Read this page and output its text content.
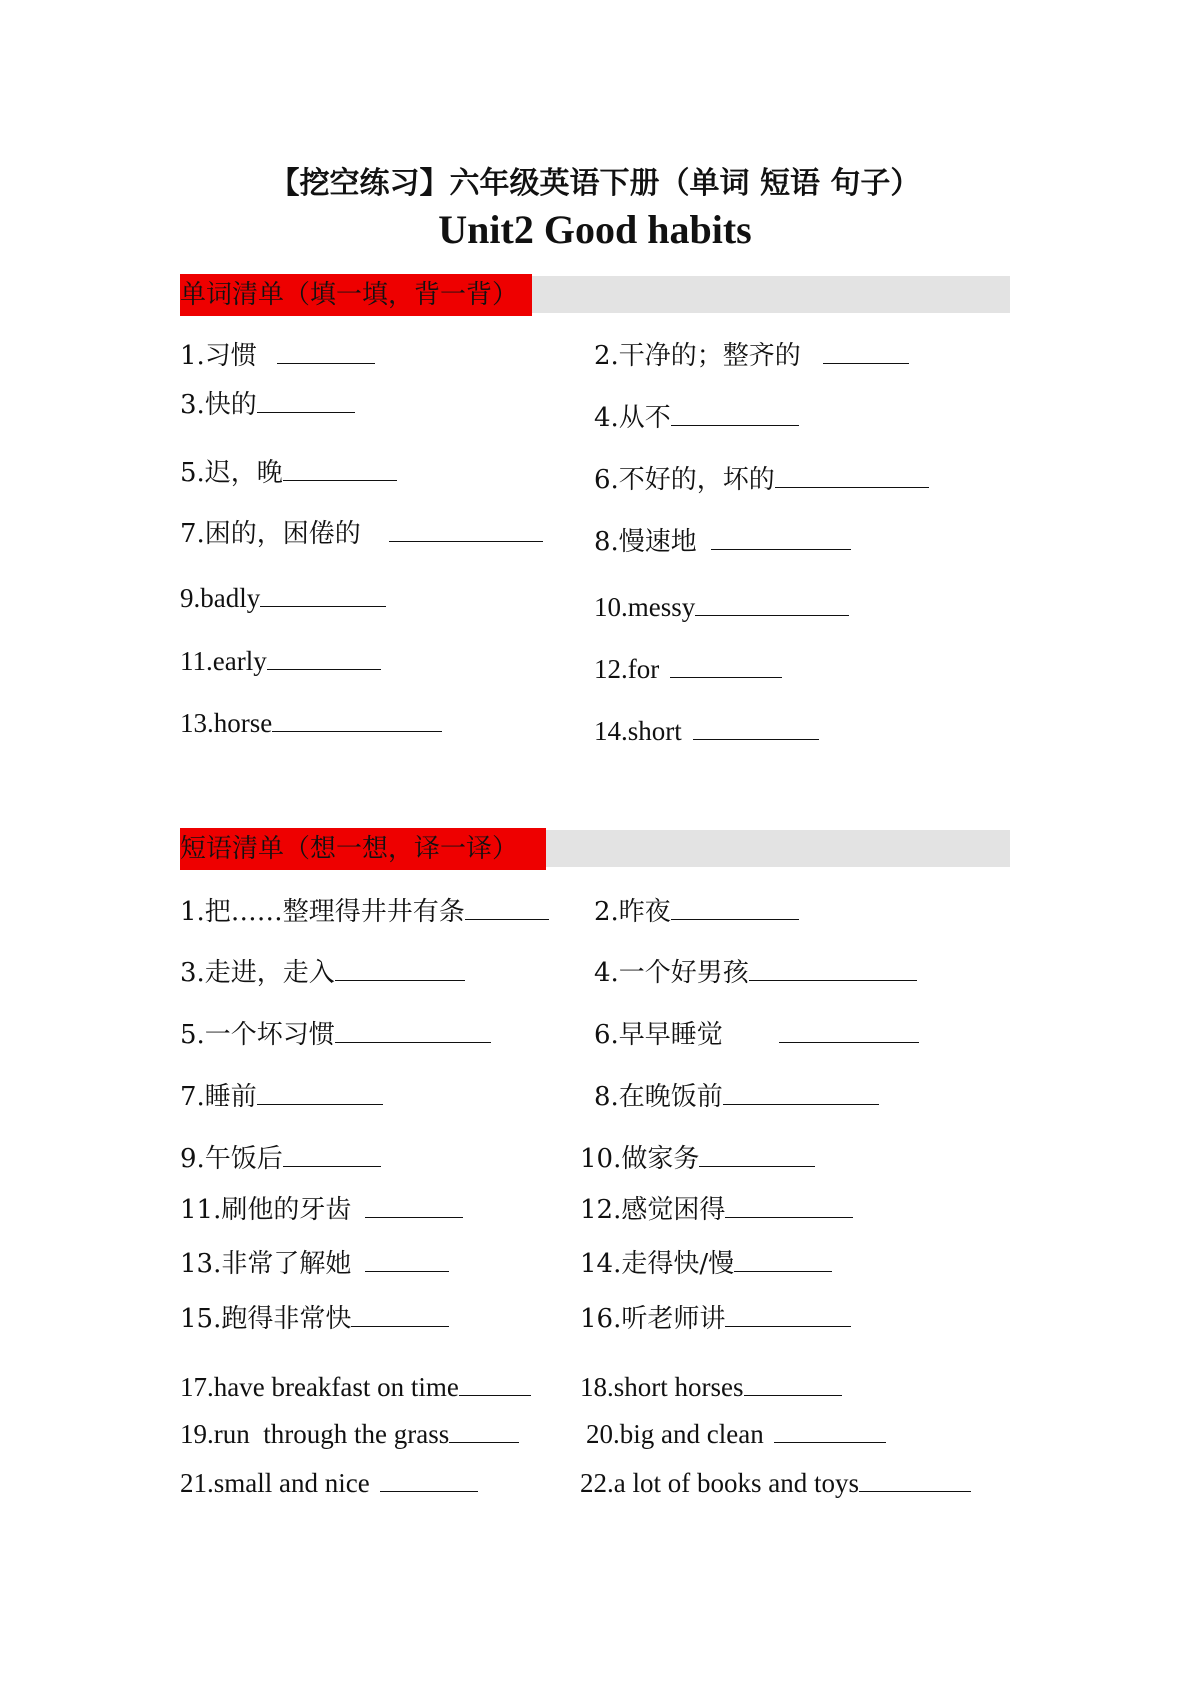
【挖空练习】六年级英语下册（单词 短语 句子）
Unit2 Good habits
单词清单（填一填，背一背）
1.习惯	2.干净的；整齐的
3.快的	4.从不
5.迟，晚	6.不好的，坏的
7.困的，困倦的	8.慢速地
9.badly	10.messy
11.early	12.for
13.horse	14.short
短语清单（想一想，译一译）
1.把……整理得井井有条	2.昨夜
3.走进，走入	4.一个好男孩
5.一个坏习惯	6.早早睡觉
7.睡前	8.在晚饭前
9.午饭后	10.做家务
11.刷他的牙齿	12.感觉困得
13.非常了解她	14.走得快/慢
15.跑得非常快	16.听老师讲
17.have breakfast on time	18.short horses
19.run  through the grass	20.big and clean
21.small and nice	22.a lot of books and toys
